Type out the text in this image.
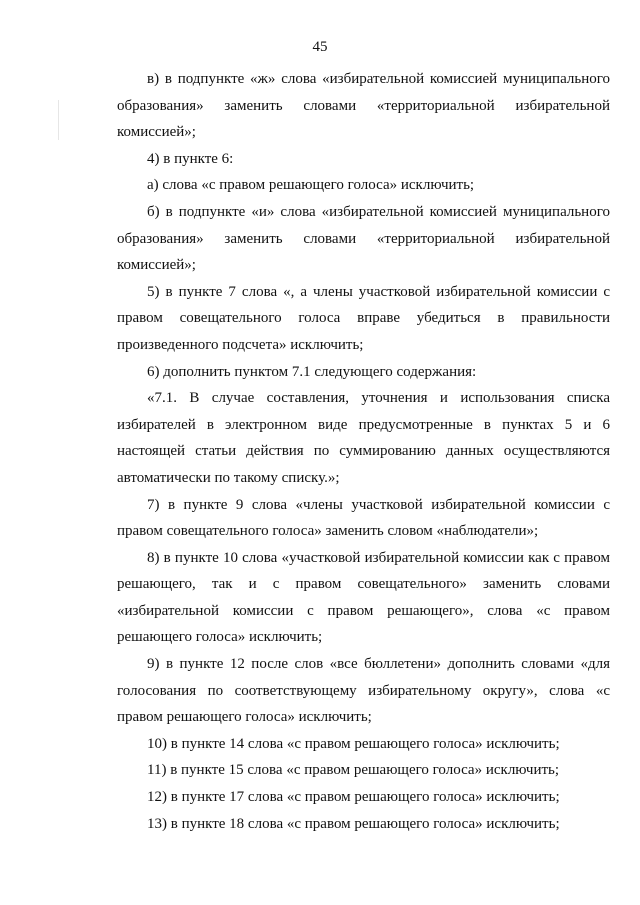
45

в) в подпункте «ж» слова «избирательной комиссией муниципального образования» заменить словами «территориальной избирательной комиссией»;

4) в пункте 6:

а) слова «с правом решающего голоса» исключить;

б) в подпункте «и» слова «избирательной комиссией муниципального образования» заменить словами «территориальной избирательной комиссией»;

5) в пункте 7 слова «, а члены участковой избирательной комиссии с правом совещательного голоса вправе убедиться в правильности произведенного подсчета» исключить;

6) дополнить пунктом 7.1 следующего содержания:

«7.1. В случае составления, уточнения и использования списка избирателей в электронном виде предусмотренные в пунктах 5 и 6 настоящей статьи действия по суммированию данных осуществляются автоматически по такому списку.»;

7) в пункте 9 слова «члены участковой избирательной комиссии с правом совещательного голоса» заменить словом «наблюдатели»;

8) в пункте 10 слова «участковой избирательной комиссии как с правом решающего, так и с правом совещательного» заменить словами «избирательной комиссии с правом решающего», слова «с правом решающего голоса» исключить;

9) в пункте 12 после слов «все бюллетени» дополнить словами «для голосования по соответствующему избирательному округу», слова «с правом решающего голоса» исключить;

10) в пункте 14 слова «с правом решающего голоса» исключить;

11) в пункте 15 слова «с правом решающего голоса» исключить;

12) в пункте 17 слова «с правом решающего голоса» исключить;

13) в пункте 18 слова «с правом решающего голоса» исключить;
